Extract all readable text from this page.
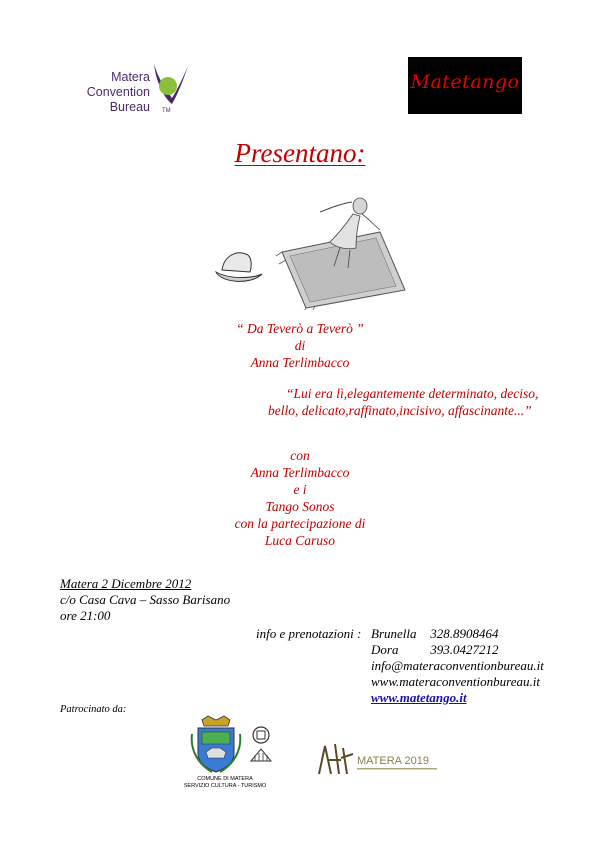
Matera
Convention
Bureau TM
Matetango
Presentano:
“ Da Teverò a Teverò ”
di
Anna Terlimbacco
“Lui era lì,elegantemente determinato, deciso,
bello, delicato,raffinato,incisivo, affascinante...”
con
Anna Terlimbacco
e i
Tango Sonos
con la partecipazione di
Luca Caruso
Matera 2 Dicembre 2012
c/o Casa Cava – Sasso Barisano
ore 21:00
info e prenotazioni : Brunella 328.8908464
Dora 393.0427212
info@materaconventionbureau.it
www.materaconventionbureau.it
www.matetango.it
Patrocinato da:
COMUNE DI MATERA
SERVIZIO CULTURA - TURISMO
MATERA 2019
